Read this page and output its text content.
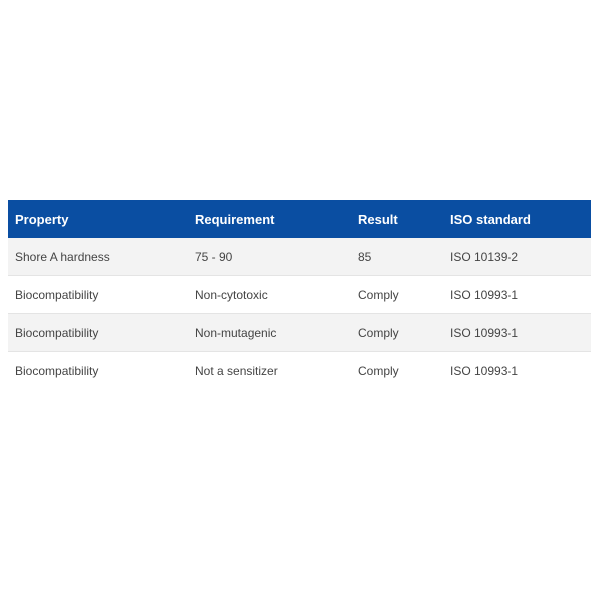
Property	Requirement	Result	ISO standard
Shore A hardness	75 - 90	85	ISO 10139-2
Biocompatibility	Non-cytotoxic	Comply	ISO 10993-1
Biocompatibility	Non-mutagenic	Comply	ISO 10993-1
Biocompatibility	Not a sensitizer	Comply	ISO 10993-1
